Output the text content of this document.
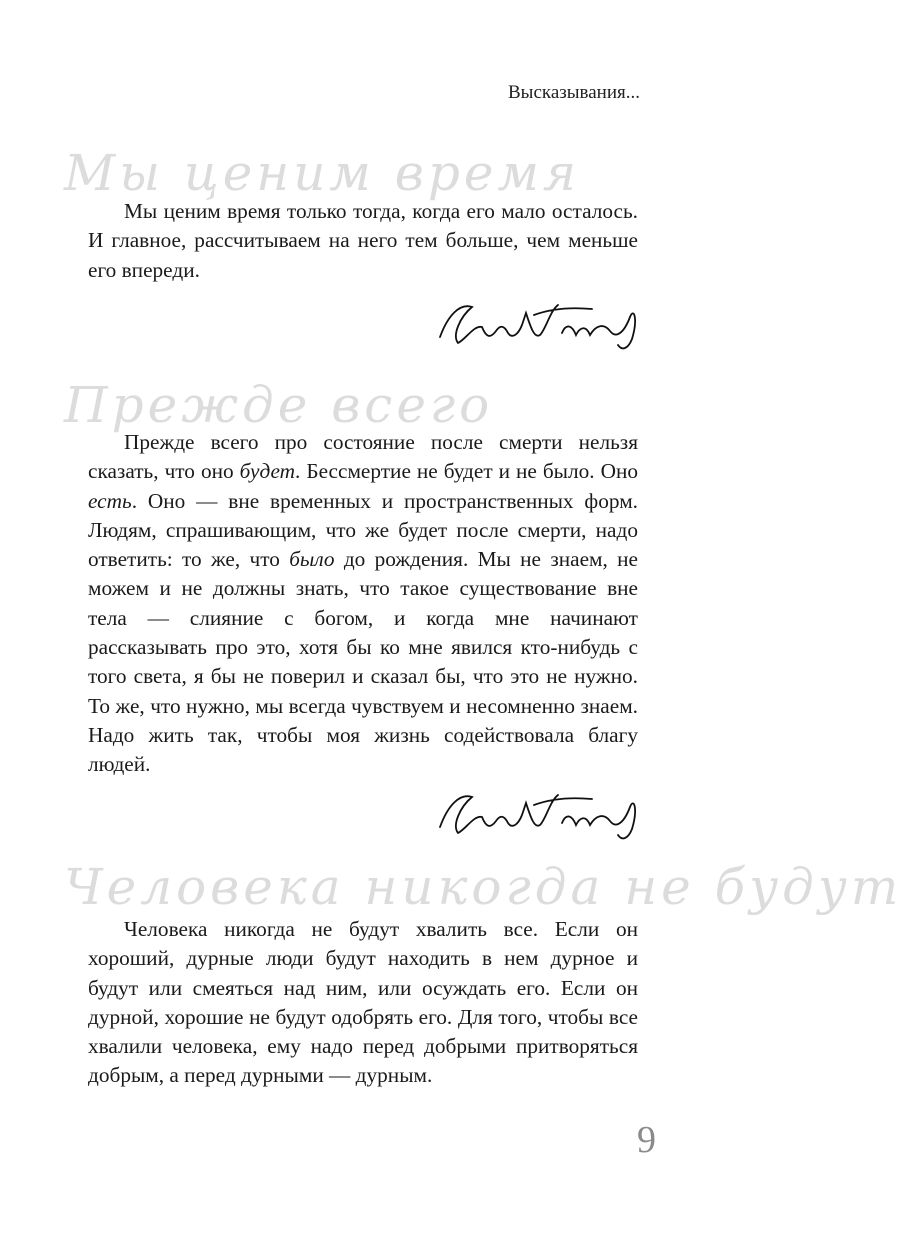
Высказывания...
Мы ценим время

Мы ценим время только тогда, когда его мало осталось. И главное, рассчитываем на него тем больше, чем меньше его впереди.

Прежде всего

Прежде всего про состояние после смерти нельзя сказать, что оно будет. Бессмертие не будет и не было. Оно есть. Оно — вне временных и пространственных форм. Людям, спрашивающим, что же будет после смерти, надо ответить: то же, что было до рождения. Мы не знаем, не можем и не должны знать, что такое существование вне тела — слияние с богом, и когда мне начинают рассказывать про это, хотя бы ко мне явился кто-нибудь с того света, я бы не поверил и сказал бы, что это не нужно. То же, что нужно, мы всегда чувствуем и несомненно знаем. Надо жить так, чтобы моя жизнь содействовала благу людей.

Человека никогда не будут

Человека никогда не будут хвалить все. Если он хороший, дурные люди будут находить в нем дурное и будут или смеяться над ним, или осуждать его. Если он дурной, хорошие не будут одобрять его. Для того, чтобы все хвалили человека, ему надо перед добрыми притворяться добрым, а перед дурными — дурным.

9
